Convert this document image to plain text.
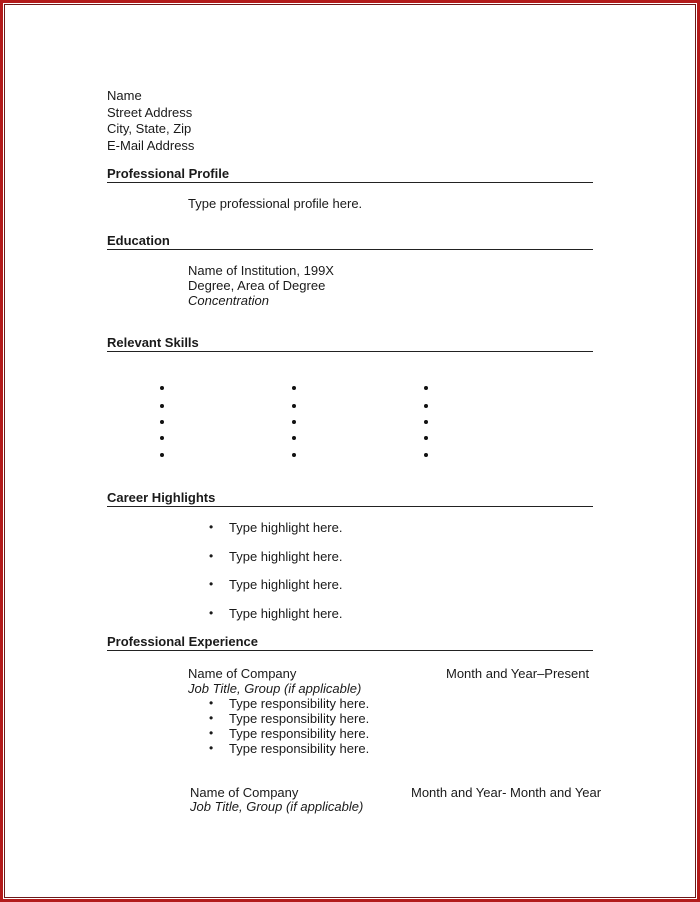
Name
Street Address
City, State, Zip
E-Mail Address
Professional Profile
Type professional profile here.
Education
Name of Institution, 199X
Degree, Area of Degree
Concentration
Relevant Skills
Career Highlights
• Type highlight here.
• Type highlight here.
• Type highlight here.
• Type highlight here.
Professional Experience
Name of Company	Month and Year–Present
Job Title, Group (if applicable)
• Type responsibility here.
• Type responsibility here.
• Type responsibility here.
• Type responsibility here.
Name of Company	Month and Year- Month and Year
Job Title, Group (if applicable)
